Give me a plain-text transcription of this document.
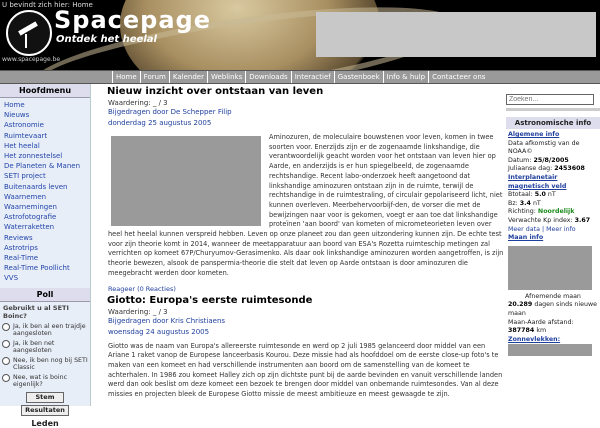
U bevindt zich hier: Home
www.spacepage.be
Spacepage
Ontdek het heelal
Home	Forum	Kalender	Weblinks	Downloads	Interactief	Gastenboek	Info & hulp	Contacteer ons
Hoofdmenu
Home
Nieuws
Astronomie
Ruimtevaart
Het heelal
Het zonnestelsel
De Planeten & Manen
SETI project
Buitenaards leven
Waarnemen
Waarnemingen
Astrofotografie
Waterraketten
Reviews
Astrotrips
Real-Time
Real-Time Poollicht
VVS
Poll
Gebruikt u al SETI Boinc?
Ja, ik ben al een trajdje aangesloten
Ja, ik ben net aangesloten
Nee, ik ben nog bij SETI Classic
Nee, wat is boinc eigenlijk?
Stem
Resultaten
Leden
Nieuw inzicht over ontstaan van leven
Waardering: _ / 3
Bijgedragen door De Schepper Filip
donderdag 25 augustus 2005
Aminozuren, de moleculaire bouwstenen voor leven, komen in twee soorten voor. Enerzijds zijn er de zogenaamde linkshandige, die verantwoordelijk geacht worden voor het ontstaan van leven hier op Aarde, en anderzijds is er hun spiegelbeeld, de zogenaamde rechtshandige. Recent labo-onderzoek heeft aangetoond dat linkshandige aminozuren ontstaan zijn in de ruimte, terwijl de rechtshandige in de ruimtestraling, of circulair gepolariseerd licht, niet kunnen overleven. Meerbehervoorbijf-den, de vorser die met de bewijzingen naar voor is gekomen, voegt er aan toe dat linkshandige proteïnen 'aan boord' van kometen of micrometeorieten leven over heel het heelal kunnen verspreid hebben. Leven op onze planeet zou dan geen uitzondering kunnen zijn. De echte test voor zijn theorie komt in 2014, wanneer de meetapparatuur aan boord van ESA's Rozetta ruimteschip metingen zal verrichten op komeet 67P/Churyumov-Gerasimenko. Als daar ook linkshandige aminozuren worden aangetroffen, is zijn theorie bewezen, alsook de panspermia-theorie die stelt dat leven op Aarde ontstaan is door aminozuren die meegebracht werden door kometen.
Reageer (0 Reacties)
Giotto: Europa's eerste ruimtesonde
Waardering: _ / 3
Bijgedragen door Kris Christiaens
woensdag 24 augustus 2005
Giotto was de naam van Europa's allereerste ruimtesonde en werd op 2 juli 1985 gelanceerd door middel van een Ariane 1 raket vanop de Europese lanceerbasis Kourou. Deze missie had als hoofddoel om de eerste close-up foto's te maken van een komeet en had verschillende instrumenten aan boord om de samenstelling van de komeet te achterhalen. In 1986 zou komeet Halley zich op zijn dichtste punt bij de aarde bevinden en vanuit verschillende landen werd dan ook beslist om deze komeet een bezoek te brengen door middel van onbemande ruimtesondes. Van al deze missies en projecten bleek de Europese Giotto missie de meest ambitieuze en meest gewaagde te zijn.
Zoeken...
Astronomische info
Algemene info
Data afkomstig van de NOAA©
Datum: 25/8/2005
Juliaanse dag: 2453608
Interplanetair magnetisch veld
Btotaal: 5.0 nT
Bz: 3.4 nT
Richting: Noordelijk
Verwachte Kp index: 3.67
Meer data | Meer info
Maan info
Afnemende maan
20.289 dagen sinds nieuwe maan
Maan-Aarde afstand: 387784 km
Zonnevlekken:
